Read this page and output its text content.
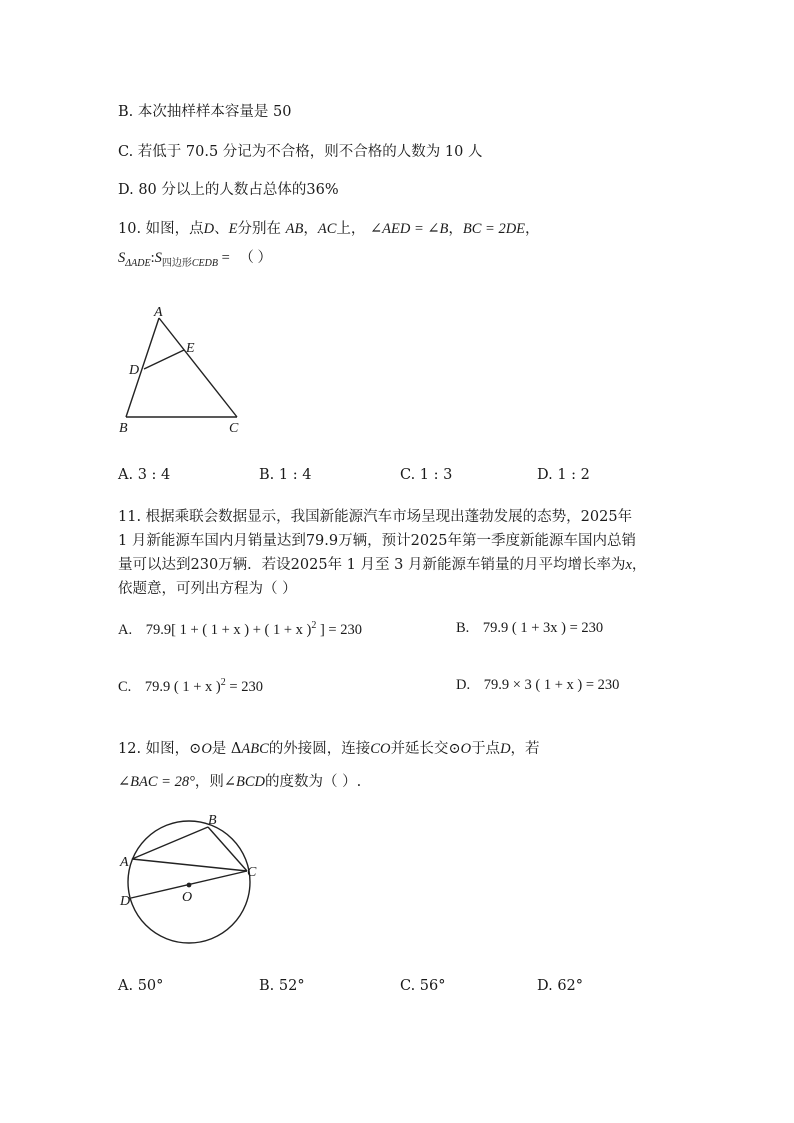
B. 本次抽样样本容量是 50
C. 若低于 70.5 分记为不合格，则不合格的人数为 10 人
D. 80 分以上的人数占总体的36%
10. 如图，点D、E分别在 AB，AC上， ∠AED = ∠B，BC = 2DE，
$S_{\Delta ADE}:S_{四边形CEDB}$ = （ ）
A
E
D
B	C
A. 3 : 4	B. 1 : 4	C. 1 : 3	D. 1 : 2
11. 根据乘联会数据显示，我国新能源汽车市场呈现出蓬勃发展的态势，2025年
1 月新能源车国内月销量达到79.9万辆，预计2025年第一季度新能源车国内总销
量可以达到230万辆．若设2025年 1 月至 3 月新能源车销量的月平均增长率为x，
依题意，可列出方程为（ ）
A. 79.9[ 1 + ( 1 + x ) + ( 1 + x )$^2$ ] = 230	B. 79.9 ( 1 + 3x ) = 230
C. 79.9 ( 1 + x )$^2$ = 230	D. 79.9 × 3 ( 1 + x ) = 230
12. 如图，⊙O是 ΔABC的外接圆，连接CO并延长交⊙O于点D，若
∠BAC = 28°，则∠BCD的度数为（ ）.
B
A
C
D	O
A. 50°	B. 52°	C. 56°	D. 62°
